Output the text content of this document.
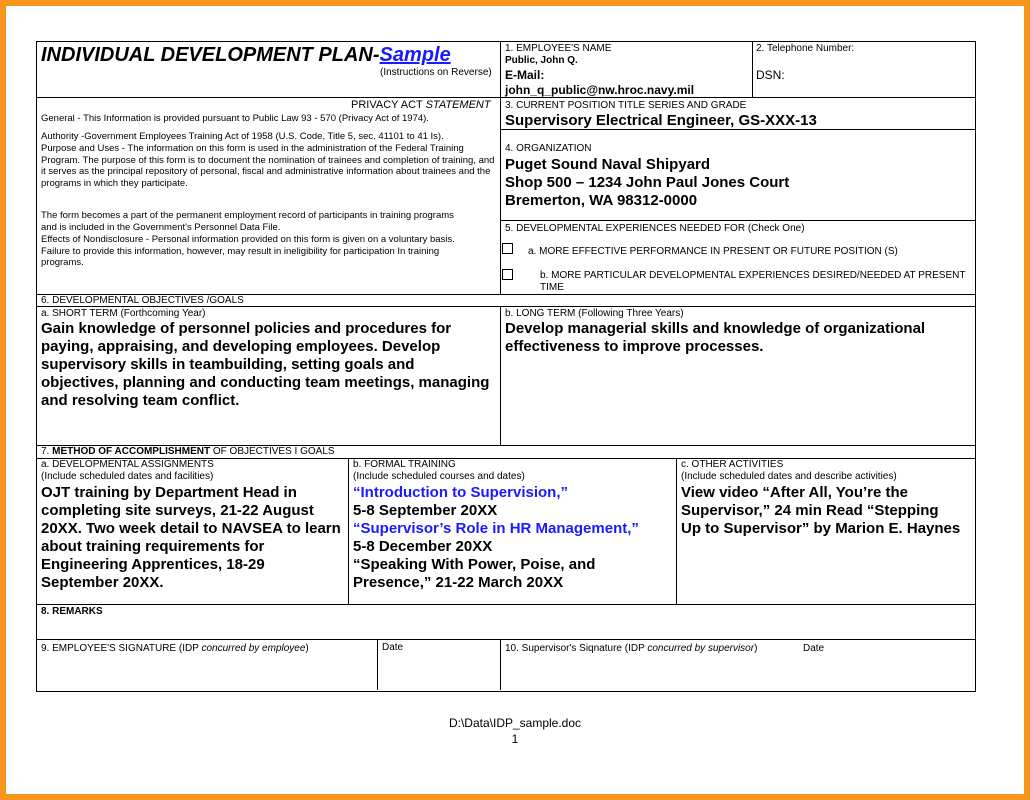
INDIVIDUAL DEVELOPMENT PLAN-Sample
(Instructions on Reverse)
1. EMPLOYEE'S NAME
Public, John Q.
E-Mail:
john_q_public@nw.hroc.navy.mil
2. Telephone Number:
DSN:
PRIVACY ACT STATEMENT
General - This Information is provided pursuant to Public Law 93 - 570 (Privacy Act of 1974).
Authority -Government Employees Training Act of 1958 (U.S. Code, Title 5, sec. 41101 to 41 Is).
Purpose and Uses - The information on this form is used in the administration of the Federal Training Program. The purpose of this form is to document the nomination of trainees and completion of training, and it serves as the principal repository of personal, fiscal and administrative information about trainees and the programs in which they participate.
The form becomes a part of the permanent employment record of participants in training programs and is included in the Government's Personnel Data File.
Effects of Nondisclosure - Personal information provided on this form is given on a voluntary basis. Failure to provide this information, however, may result in ineligibility for participation In training programs.
3. CURRENT POSITION TITLE SERIES AND GRADE
Supervisory Electrical Engineer, GS-XXX-13
4. ORGANIZATION
Puget Sound Naval Shipyard
Shop 500 – 1234 John Paul Jones Court
Bremerton, WA 98312-0000
5. DEVELOPMENTAL EXPERIENCES NEEDED FOR (Check One)
a. MORE EFFECTIVE PERFORMANCE IN PRESENT OR FUTURE POSITION (S)
b. MORE PARTICULAR DEVELOPMENTAL EXPERIENCES DESIRED/NEEDED AT PRESENT TIME
6. DEVELOPMENTAL OBJECTIVES /GOALS
a. SHORT TERM (Forthcoming Year)
Gain knowledge of personnel policies and procedures for paying, appraising, and developing employees. Develop supervisory skills in teambuilding, setting goals and objectives, planning and conducting team meetings, managing and resolving team conflict.
b. LONG TERM (Following Three Years)
Develop managerial skills and knowledge of organizational effectiveness to improve processes.
7. METHOD OF ACCOMPLISHMENT OF OBJECTIVES I GOALS
a. DEVELOPMENTAL ASSIGNMENTS
(Include scheduled dates and facilities)
OJT training by Department Head in completing site surveys, 21-22 August 20XX. Two week detail to NAVSEA to learn about training requirements for Engineering Apprentices, 18-29 September 20XX.
b. FORMAL TRAINING
(Include scheduled courses and dates)
“Introduction to Supervision,”
5-8 September 20XX
“Supervisor’s Role in HR Management,”
5-8 December 20XX
“Speaking With Power, Poise, and Presence,” 21-22 March 20XX
c. OTHER ACTIVITIES
(Include scheduled dates and describe activities)
View video “After All, You’re the Supervisor,” 24 min Read “Stepping Up to Supervisor” by Marion E. Haynes
8. REMARKS
9. EMPLOYEE'S SIGNATURE (IDP concurred by employee)	Date	10. Supervisor's Siqnature (IDP concurred by supervisor)	Date
D:\Data\IDP_sample.doc
1
